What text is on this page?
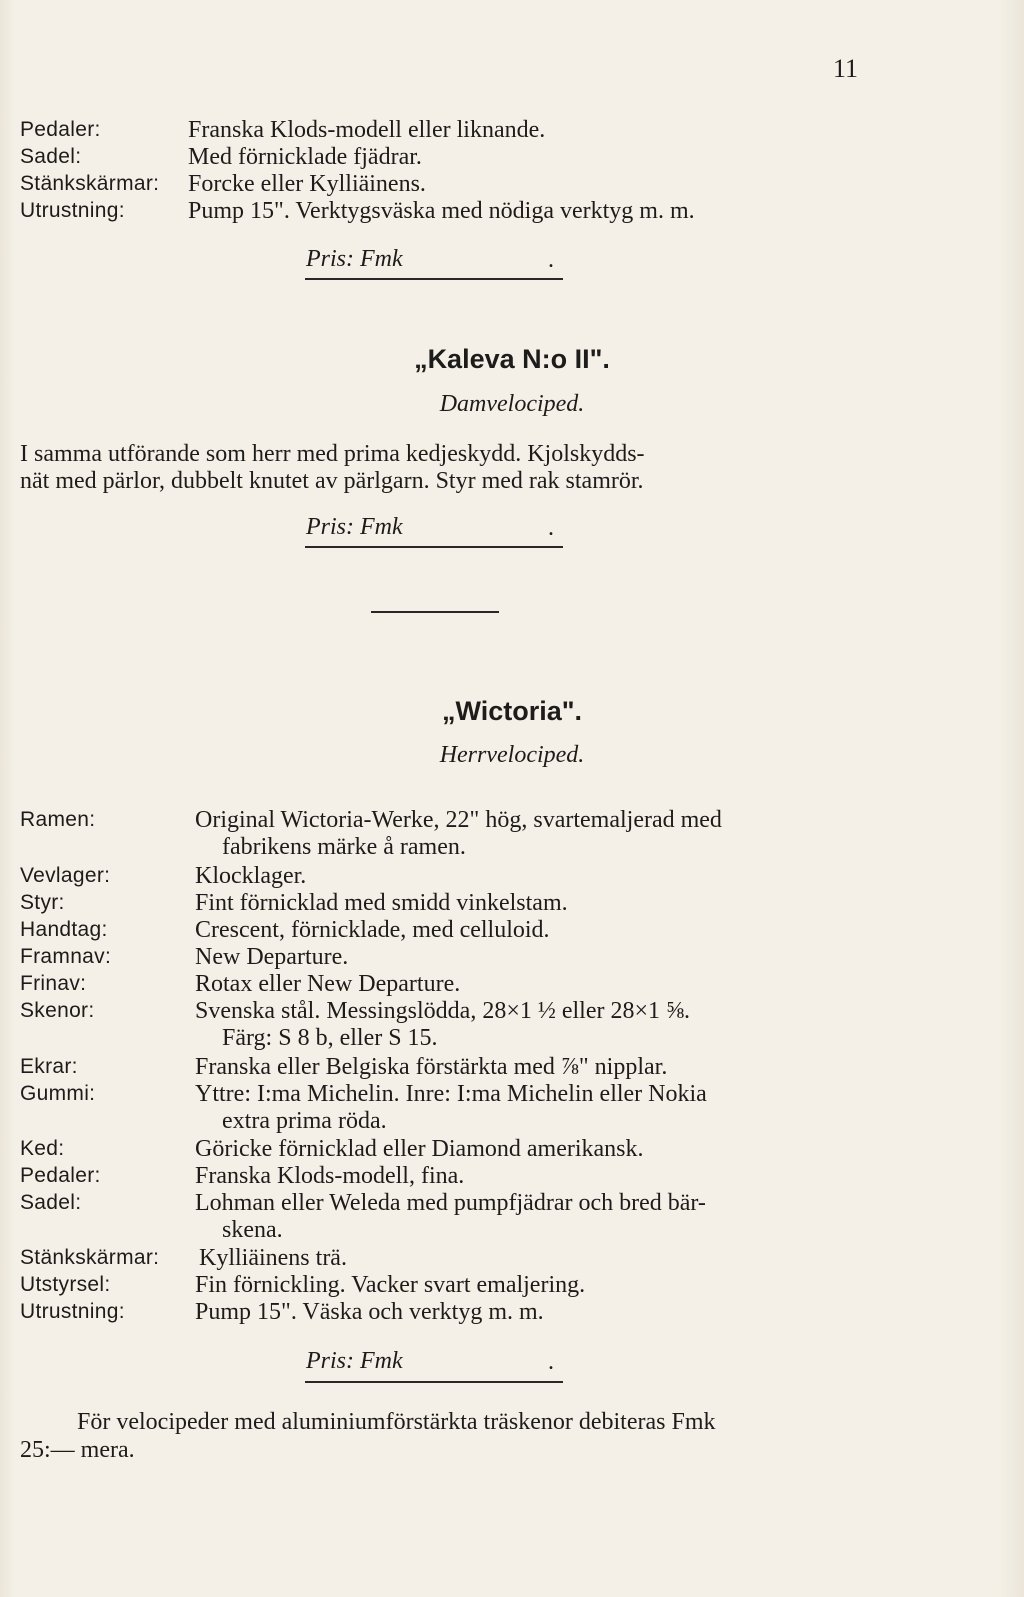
11
Pedaler:	Franska Klods-modell eller liknande.
Sadel:	Med förnicklade fjädrar.
Stänkskärmar: Forcke eller Kylliäinens.
Utrustning:	Pump 15". Verktygsväska med nödiga verktyg m. m.
Pris: Fmk	.
„Kaleva N:o II".
Damvelociped.
I samma utförande som herr med prima kedjeskydd. Kjolskydds-
nät med pärlor, dubbelt knutet av pärlgarn. Styr med rak stamrör.
Pris: Fmk	.
„Wictoria".
Herrvelociped.
Ramen:	Original Wictoria-Werke, 22" hög, svartemaljerad med
fabrikens märke å ramen.
Vevlager:	Klocklager.
Styr:	Fint förnicklad med smidd vinkelstam.
Handtag:	Crescent, förnicklade, med celluloid.
Framnav:	New Departure.
Frinav:	Rotax eller New Departure.
Skenor:	Svenska stål. Messingslödda, 28×1 ½ eller 28×1 ⅝.
Färg: S 8 b, eller S 15.
Ekrar:	Franska eller Belgiska förstärkta med ⅞" nipplar.
Gummi:	Yttre: I:ma Michelin. Inre: I:ma Michelin eller Nokia
extra prima röda.
Ked:	Göricke förnicklad eller Diamond amerikansk.
Pedaler:	Franska Klods-modell, fina.
Sadel:	Lohman eller Weleda med pumpfjädrar och bred bär-
skena.
Stänkskärmar: Kylliäinens trä.
Utstyrsel:	Fin förnickling. Vacker svart emaljering.
Utrustning:	Pump 15". Väska och verktyg m. m.
Pris: Fmk	.
För velocipeder med aluminiumförstärkta träskenor debiteras Fmk
25:— mera.
